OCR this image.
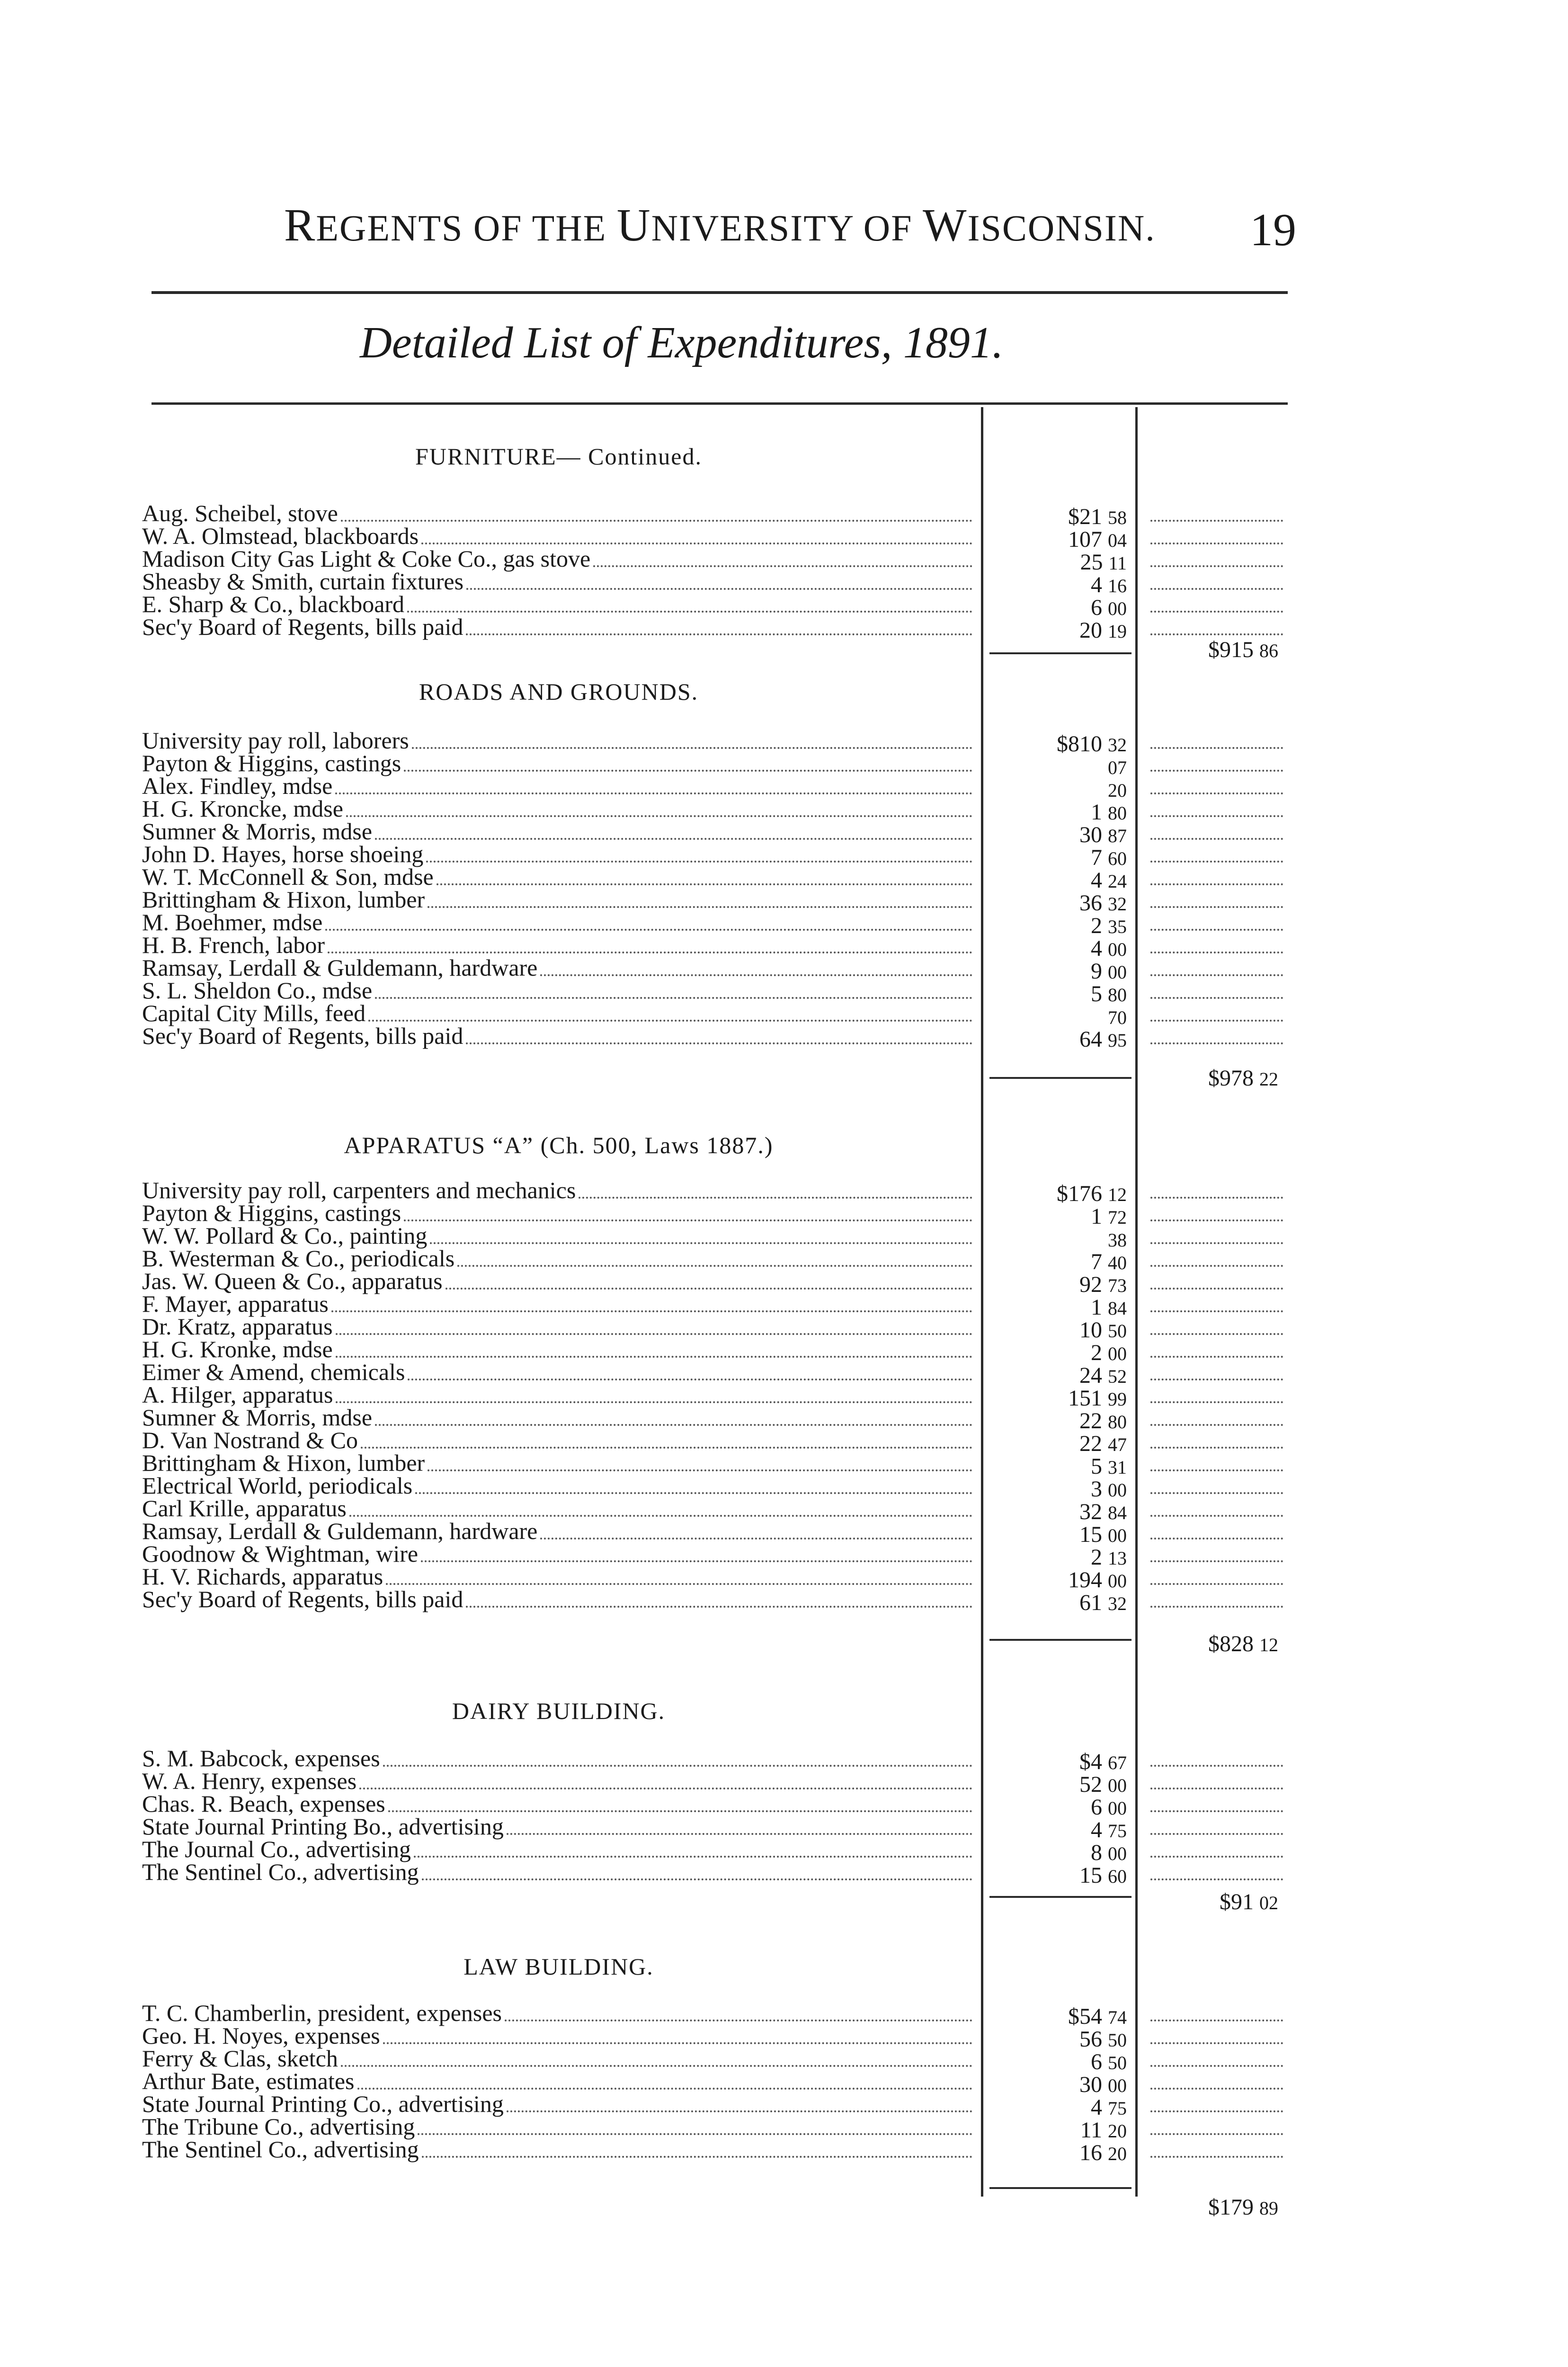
REGENTS OF THE UNIVERSITY OF WISCONSIN. 19
Detailed List of Expenditures, 1891.
FURNITURE— Continued.
Aug. Scheibel, stove	$21 58
W. A. Olmstead, blackboards	107 04
Madison City Gas Light & Coke Co., gas stove	25 11
Sheasby & Smith, curtain fixtures	4 16
E. Sharp & Co., blackboard	6 00
Sec'y Board of Regents, bills paid	20 19
$915 86
ROADS AND GROUNDS.
University pay roll, laborers	$810 32
Payton & Higgins, castings	07
Alex. Findley, mdse	20
H. G. Kroncke, mdse	1 80
Sumner & Morris, mdse	30 87
John D. Hayes, horse shoeing	7 60
W. T. McConnell & Son, mdse	4 24
Brittingham & Hixon, lumber	36 32
M. Boehmer, mdse	2 35
H. B. French, labor	4 00
Ramsay, Lerdall & Guldemann, hardware	9 00
S. L. Sheldon Co., mdse	5 80
Capital City Mills, feed	70
Sec'y Board of Regents, bills paid	64 95
$978 22
APPARATUS “A” (Ch. 500, Laws 1887.)
University pay roll, carpenters and mechanics	$176 12
Payton & Higgins, castings	1 72
W. W. Pollard & Co., painting	38
B. Westerman & Co., periodicals	7 40
Jas. W. Queen & Co., apparatus	92 73
F. Mayer, apparatus	1 84
Dr. Kratz, apparatus	10 50
H. G. Kronke, mdse	2 00
Eimer & Amend, chemicals	24 52
A. Hilger, apparatus	151 99
Sumner & Morris, mdse	22 80
D. Van Nostrand & Co	22 47
Brittingham & Hixon, lumber	5 31
Electrical World, periodicals	3 00
Carl Krille, apparatus	32 84
Ramsay, Lerdall & Guldemann, hardware	15 00
Goodnow & Wightman, wire	2 13
H. V. Richards, apparatus	194 00
Sec'y Board of Regents, bills paid	61 32
$828 12
DAIRY BUILDING.
S. M. Babcock, expenses	$4 67
W. A. Henry, expenses	52 00
Chas. R. Beach, expenses	6 00
State Journal Printing Bo., advertising	4 75
The Journal Co., advertising	8 00
The Sentinel Co., advertising	15 60
$91 02
LAW BUILDING.
T. C. Chamberlin, president, expenses	$54 74
Geo. H. Noyes, expenses	56 50
Ferry & Clas, sketch	6 50
Arthur Bate, estimates	30 00
State Journal Printing Co., advertising	4 75
The Tribune Co., advertising	11 20
The Sentinel Co., advertising	16 20
$179 89
